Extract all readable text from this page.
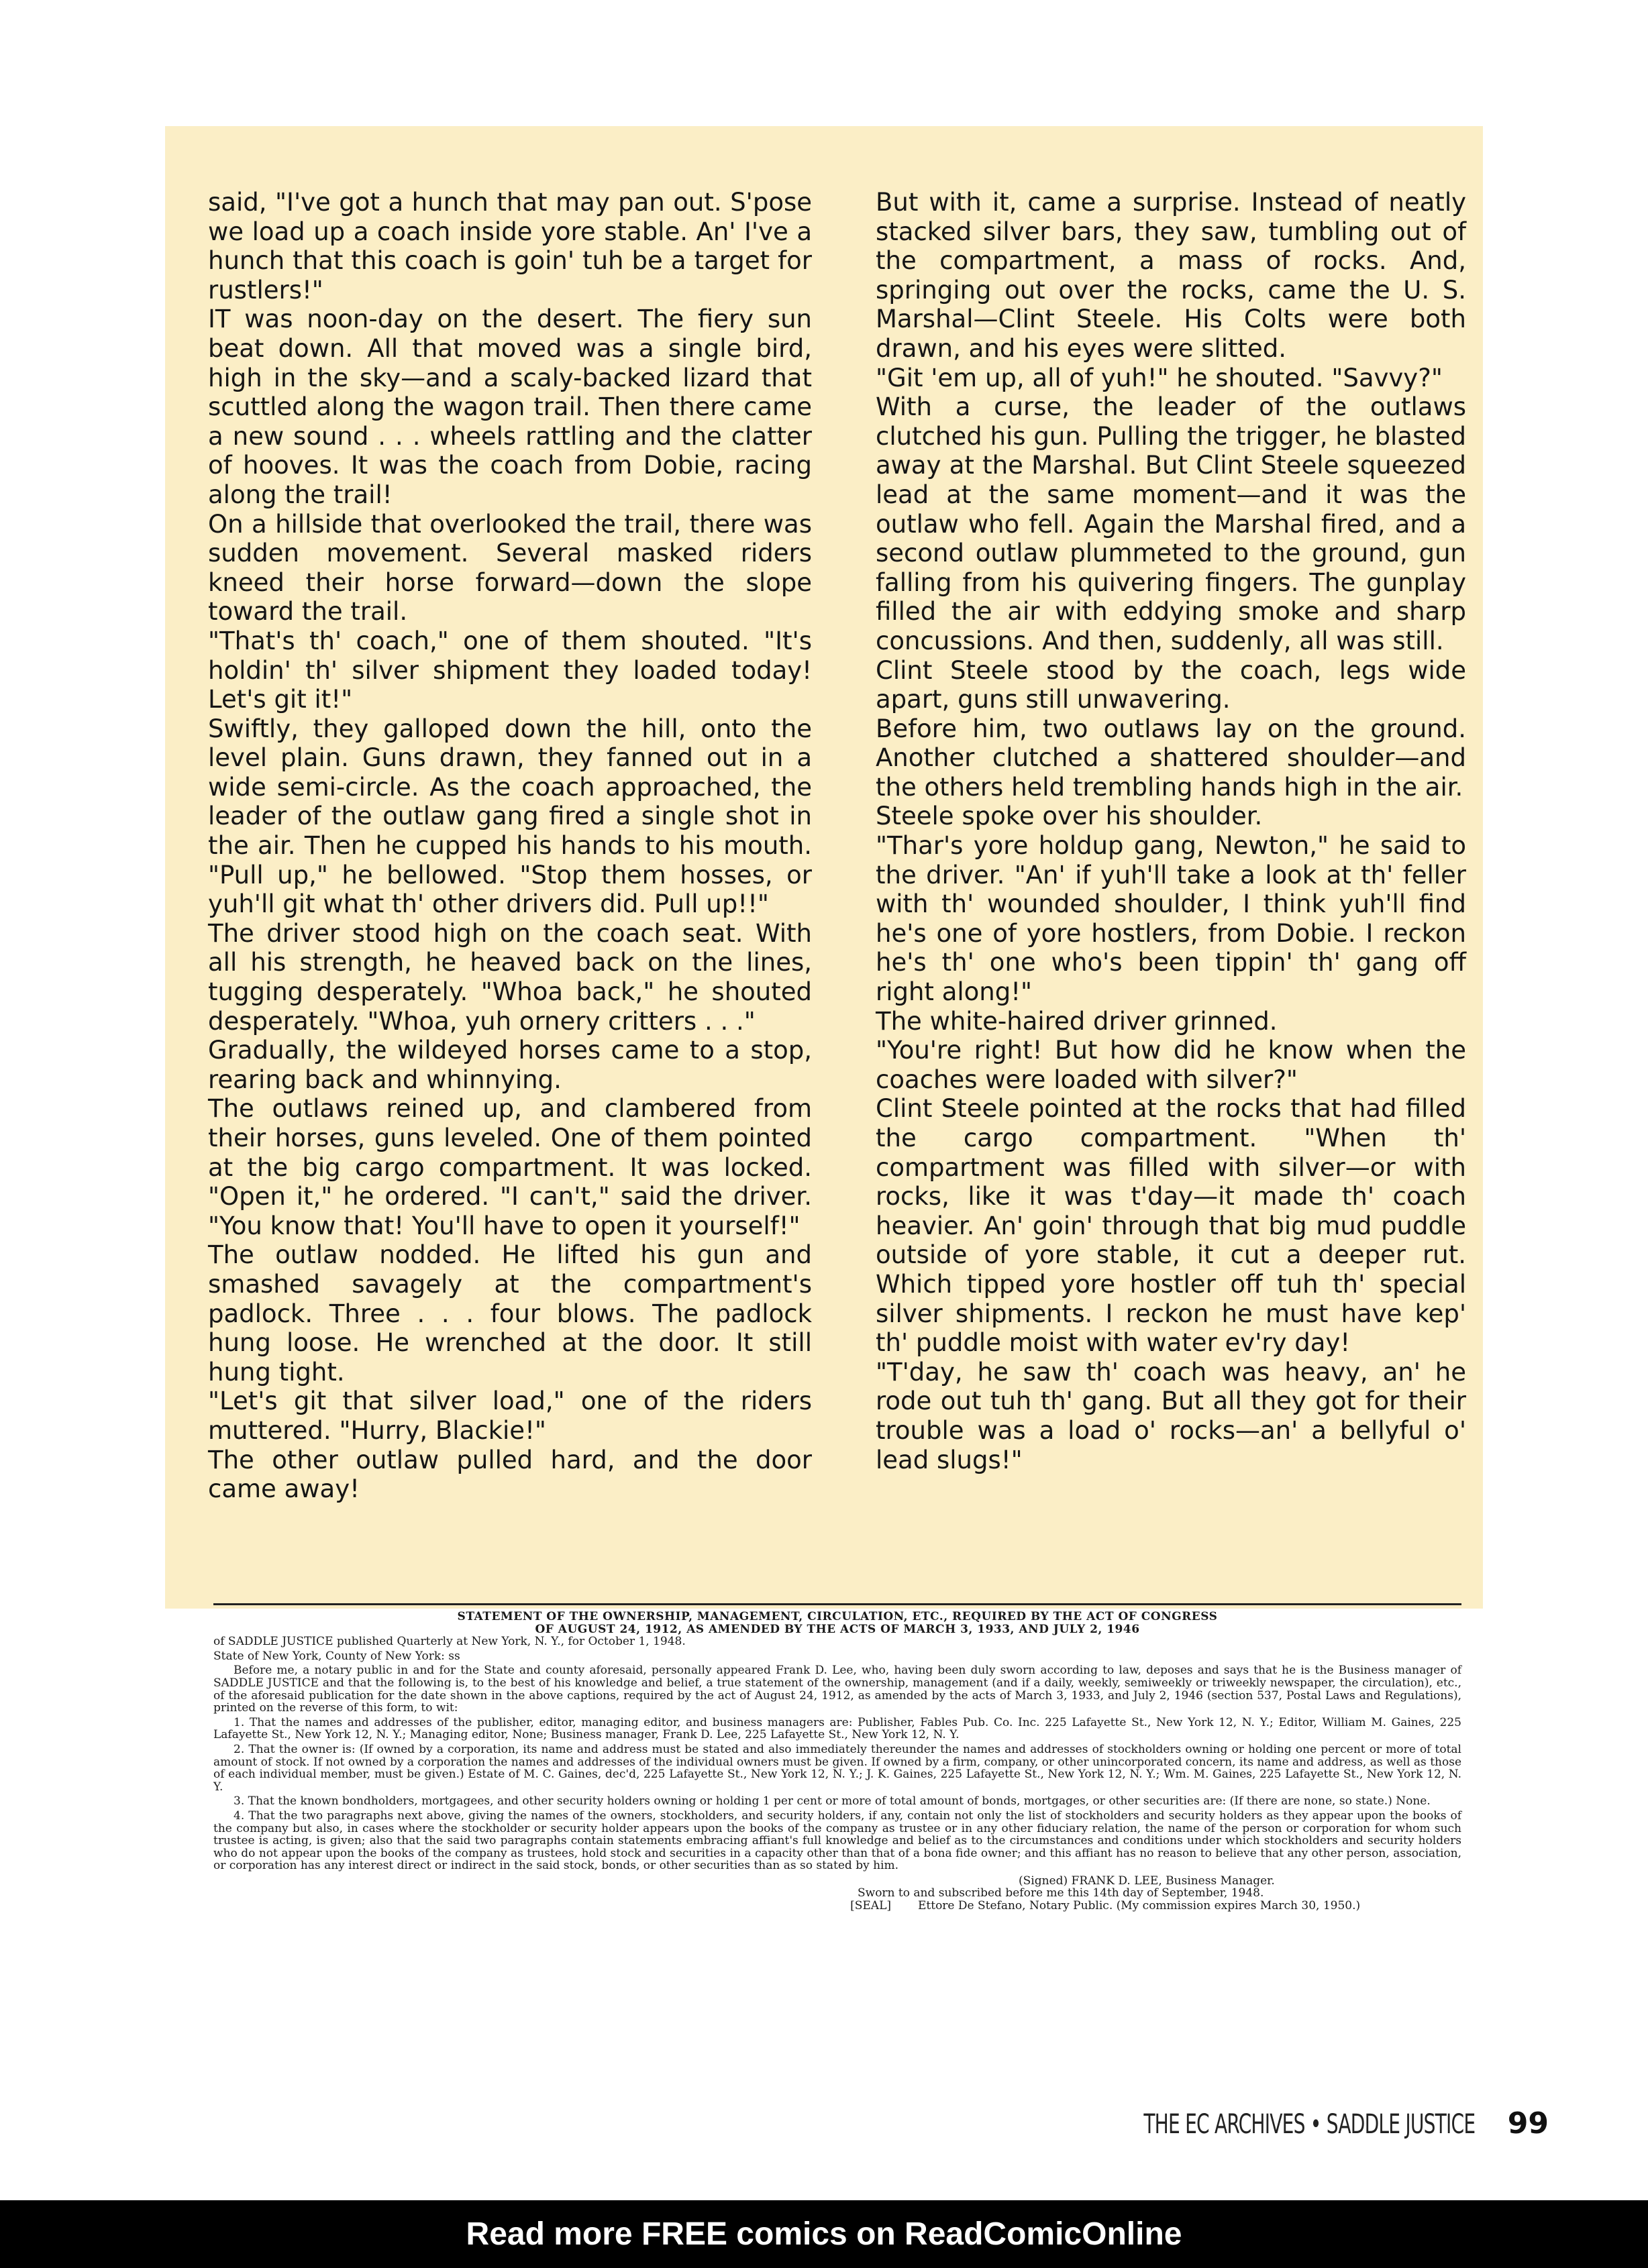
said, "I've got a hunch that may pan out. S'pose we load up a coach inside yore stable. An' I've a hunch that this coach is goin' tuh be a target for rustlers!"

IT was noon-day on the desert. The fiery sun beat down. All that moved was a single bird, high in the sky—and a scaly-backed lizard that scuttled along the wagon trail. Then there came a new sound . . . wheels rattling and the clatter of hooves. It was the coach from Dobie, racing along the trail!

On a hillside that overlooked the trail, there was sudden movement. Several masked riders kneed their horse forward—down the slope toward the trail.

"That's th' coach," one of them shouted. "It's holdin' th' silver shipment they loaded today! Let's git it!"

Swiftly, they galloped down the hill, onto the level plain. Guns drawn, they fanned out in a wide semi-circle. As the coach approached, the leader of the outlaw gang fired a single shot in the air. Then he cupped his hands to his mouth. "Pull up," he bellowed. "Stop them hosses, or yuh'll git what th' other drivers did. Pull up!!"

The driver stood high on the coach seat. With all his strength, he heaved back on the lines, tugging desperately. "Whoa back," he shouted desperately. "Whoa, yuh ornery critters . . ."

Gradually, the wildeyed horses came to a stop, rearing back and whinnying.

The outlaws reined up, and clambered from their horses, guns leveled. One of them pointed at the big cargo compartment. It was locked. "Open it," he ordered. "I can't," said the driver. "You know that! You'll have to open it yourself!"

The outlaw nodded. He lifted his gun and smashed savagely at the compartment's padlock. Three . . . four blows. The padlock hung loose. He wrenched at the door. It still hung tight.

"Let's git that silver load," one of the riders muttered. "Hurry, Blackie!"

The other outlaw pulled hard, and the door came away!

But with it, came a surprise. Instead of neatly stacked silver bars, they saw, tumbling out of the compartment, a mass of rocks. And, springing out over the rocks, came the U. S. Marshal—Clint Steele. His Colts were both drawn, and his eyes were slitted.

"Git 'em up, all of yuh!" he shouted. "Savvy?"

With a curse, the leader of the outlaws clutched his gun. Pulling the trigger, he blasted away at the Marshal. But Clint Steele squeezed lead at the same moment—and it was the outlaw who fell. Again the Marshal fired, and a second outlaw plummeted to the ground, gun falling from his quivering fingers. The gunplay filled the air with eddying smoke and sharp concussions. And then, suddenly, all was still.

Clint Steele stood by the coach, legs wide apart, guns still unwavering.

Before him, two outlaws lay on the ground. Another clutched a shattered shoulder—and the others held trembling hands high in the air.

Steele spoke over his shoulder.

"Thar's yore holdup gang, Newton," he said to the driver. "An' if yuh'll take a look at th' feller with th' wounded shoulder, I think yuh'll find he's one of yore hostlers, from Dobie. I reckon he's th' one who's been tippin' th' gang off right along!"

The white-haired driver grinned.

"You're right! But how did he know when the coaches were loaded with silver?"

Clint Steele pointed at the rocks that had filled the cargo compartment. "When th' compartment was filled with silver—or with rocks, like it was t'day—it made th' coach heavier. An' goin' through that big mud puddle outside of yore stable, it cut a deeper rut. Which tipped yore hostler off tuh th' special silver shipments. I reckon he must have kep' th' puddle moist with water ev'ry day!

"T'day, he saw th' coach was heavy, an' he rode out tuh th' gang. But all they got for their trouble was a load o' rocks—an' a bellyful o' lead slugs!"

STATEMENT OF THE OWNERSHIP, MANAGEMENT, CIRCULATION, ETC., REQUIRED BY THE ACT OF CONGRESS
OF AUGUST 24, 1912, AS AMENDED BY THE ACTS OF MARCH 3, 1933, AND JULY 2, 1946

of SADDLE JUSTICE published Quarterly at New York, N. Y., for October 1, 1948.

State of New York, County of New York: ss

Before me, a notary public in and for the State and county aforesaid, personally appeared Frank D. Lee, who, having been duly sworn according to law, deposes and says that he is the Business manager of SADDLE JUSTICE and that the following is, to the best of his knowledge and belief, a true statement of the ownership, management (and if a daily, weekly, semiweekly or triweekly newspaper, the circulation), etc., of the aforesaid publication for the date shown in the above captions, required by the act of August 24, 1912, as amended by the acts of March 3, 1933, and July 2, 1946 (section 537, Postal Laws and Regulations), printed on the reverse of this form, to wit:

1. That the names and addresses of the publisher, editor, managing editor, and business managers are: Publisher, Fables Pub. Co. Inc. 225 Lafayette St., New York 12, N. Y.; Editor, William M. Gaines, 225 Lafayette St., New York 12, N. Y.; Managing editor, None; Business manager, Frank D. Lee, 225 Lafayette St., New York 12, N. Y.

2. That the owner is: (If owned by a corporation, its name and address must be stated and also immediately thereunder the names and addresses of stockholders owning or holding one percent or more of total amount of stock. If not owned by a corporation the names and addresses of the individual owners must be given. If owned by a firm, company, or other unincorporated concern, its name and address, as well as those of each individual member, must be given.) Estate of M. C. Gaines, dec'd, 225 Lafayette St., New York 12, N. Y.; J. K. Gaines, 225 Lafayette St., New York 12, N. Y.; Wm. M. Gaines, 225 Lafayette St., New York 12, N. Y.

3. That the known bondholders, mortgagees, and other security holders owning or holding 1 per cent or more of total amount of bonds, mortgages, or other securities are: (If there are none, so state.) None.

4. That the two paragraphs next above, giving the names of the owners, stockholders, and security holders, if any, contain not only the list of stockholders and security holders as they appear upon the books of the company but also, in cases where the stockholder or security holder appears upon the books of the company as trustee or in any other fiduciary relation, the name of the person or corporation for whom such trustee is acting, is given; also that the said two paragraphs contain statements embracing affiant's full knowledge and belief as to the circumstances and conditions under which stockholders and security holders who do not appear upon the books of the company as trustees, hold stock and securities in a capacity other than that of a bona fide owner; and this affiant has no reason to believe that any other person, association, or corporation has any interest direct or indirect in the said stock, bonds, or other securities than as so stated by him.

(Signed) FRANK D. LEE, Business Manager.
Sworn to and subscribed before me this 14th day of September, 1948.
[SEAL]	Ettore De Stefano, Notary Public. (My commission expires March 30, 1950.)
THE EC ARCHIVES • SADDLE JUSTICE 99
Read more FREE comics on ReadComicOnline
